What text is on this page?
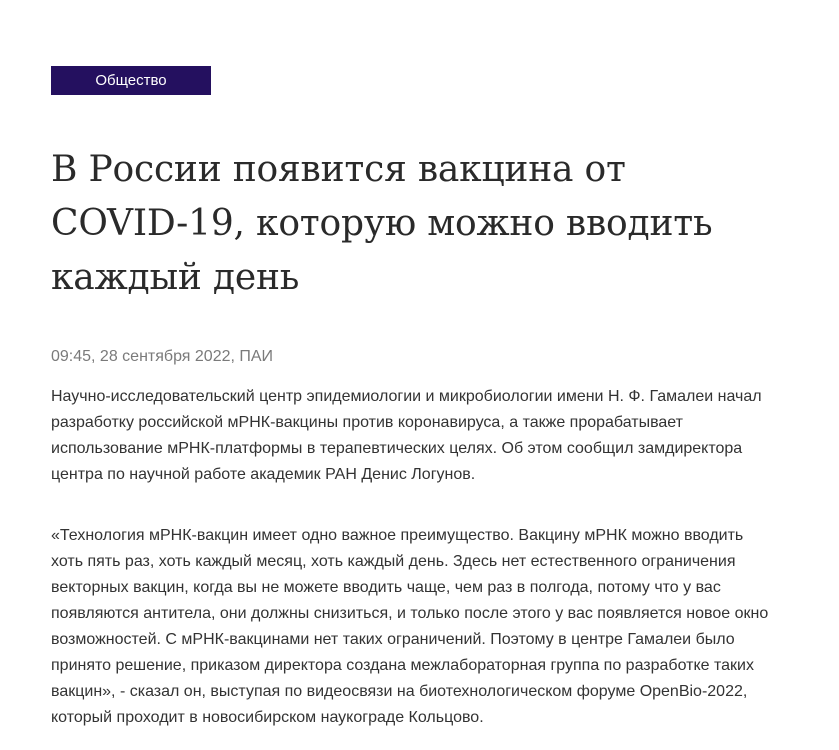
Общество
В России появится вакцина от COVID-19, которую можно вводить каждый день
09:45, 28 сентября 2022, ПАИ

Научно-исследовательский центр эпидемиологии и микробиологии имени Н. Ф. Гамалеи начал разработку российской мРНК-вакцины против коронавируса, а также прорабатывает использование мРНК-платформы в терапевтических целях. Об этом сообщил замдиректора центра по научной работе академик РАН Денис Логунов.

«Технология мРНК-вакцин имеет одно важное преимущество. Вакцину мРНК можно вводить хоть пять раз, хоть каждый месяц, хоть каждый день. Здесь нет естественного ограничения векторных вакцин, когда вы не можете вводить чаще, чем раз в полгода, потому что у вас появляются антитела, они должны снизиться, и только после этого у вас появляется новое окно возможностей. С мРНК-вакцинами нет таких ограничений. Поэтому в центре Гамалеи было принято решение, приказом директора создана межлабораторная группа по разработке таких вакцин», - сказал он, выступая по видеосвязи на биотехнологическом форуме OpenBio-2022, который проходит в новосибирском наукограде Кольцово.
